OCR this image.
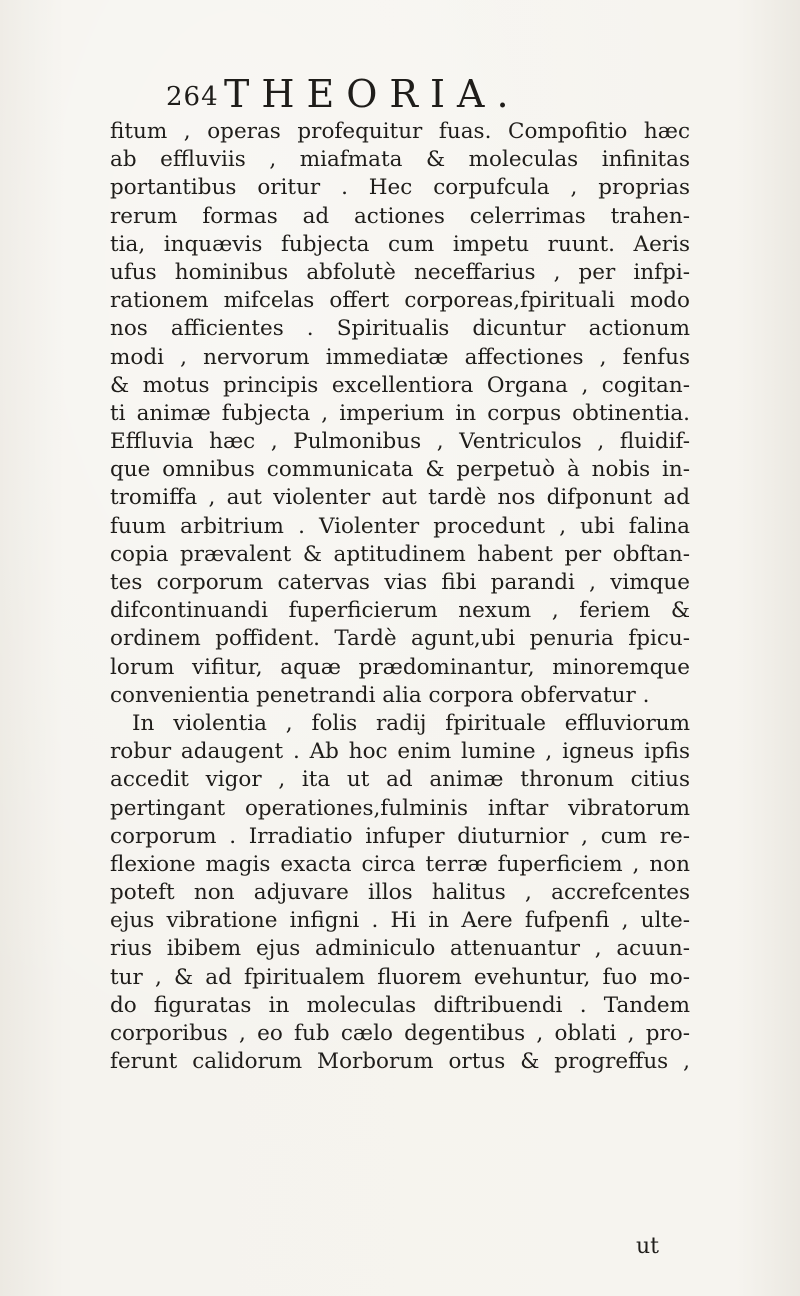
264 THEORIA.
fitum , operas profequitur fuas. Compofitio hæc
ab effluviis , miafmata & moleculas infinitas
portantibus oritur . Hec corpufcula , proprias
rerum formas ad actiones celerrimas trahen-
tia, inquævis fubjecta cum impetu ruunt. Aeris
ufus hominibus abfolutè neceffarius , per infpi-
rationem mifcelas offert corporeas,fpirituali modo
nos afficientes . Spiritualis dicuntur actionum
modi , nervorum immediatæ affectiones , fenfus
& motus principis excellentiora Organa , cogitan-
ti animæ fubjecta , imperium in corpus obtinentia.
Effluvia hæc , Pulmonibus , Ventriculos , fluidif-
que omnibus communicata & perpetuò à nobis in-
tromiffa , aut violenter aut tardè nos difponunt ad
fuum arbitrium . Violenter procedunt , ubi falina
copia prævalent & aptitudinem habent per obftan-
tes corporum catervas vias fibi parandi , vimque
difcontinuandi fuperficierum nexum , feriem &
ordinem poffident. Tardè agunt,ubi penuria fpicu-
lorum vifitur, aquæ prædominantur, minoremque
convenientia penetrandi alia corpora obfervatur .
In violentia , folis radij fpirituale effluviorum
robur adaugent . Ab hoc enim lumine , igneus ipfis
accedit vigor , ita ut ad animæ thronum citius
pertingant operationes,fulminis inftar vibratorum
corporum . Irradiatio infuper diuturnior , cum re-
flexione magis exacta circa terræ fuperficiem , non
poteft non adjuvare illos halitus , accrefcentes
ejus vibratione infigni . Hi in Aere fufpenfi , ulte-
rius ibibem ejus adminiculo attenuantur , acuun-
tur , & ad fpiritualem fluorem evehuntur, fuo mo-
do figuratas in moleculas diftribuendi . Tandem
corporibus , eo fub cælo degentibus , oblati , pro-
ferunt calidorum Morborum ortus & progreffus ,
ut
